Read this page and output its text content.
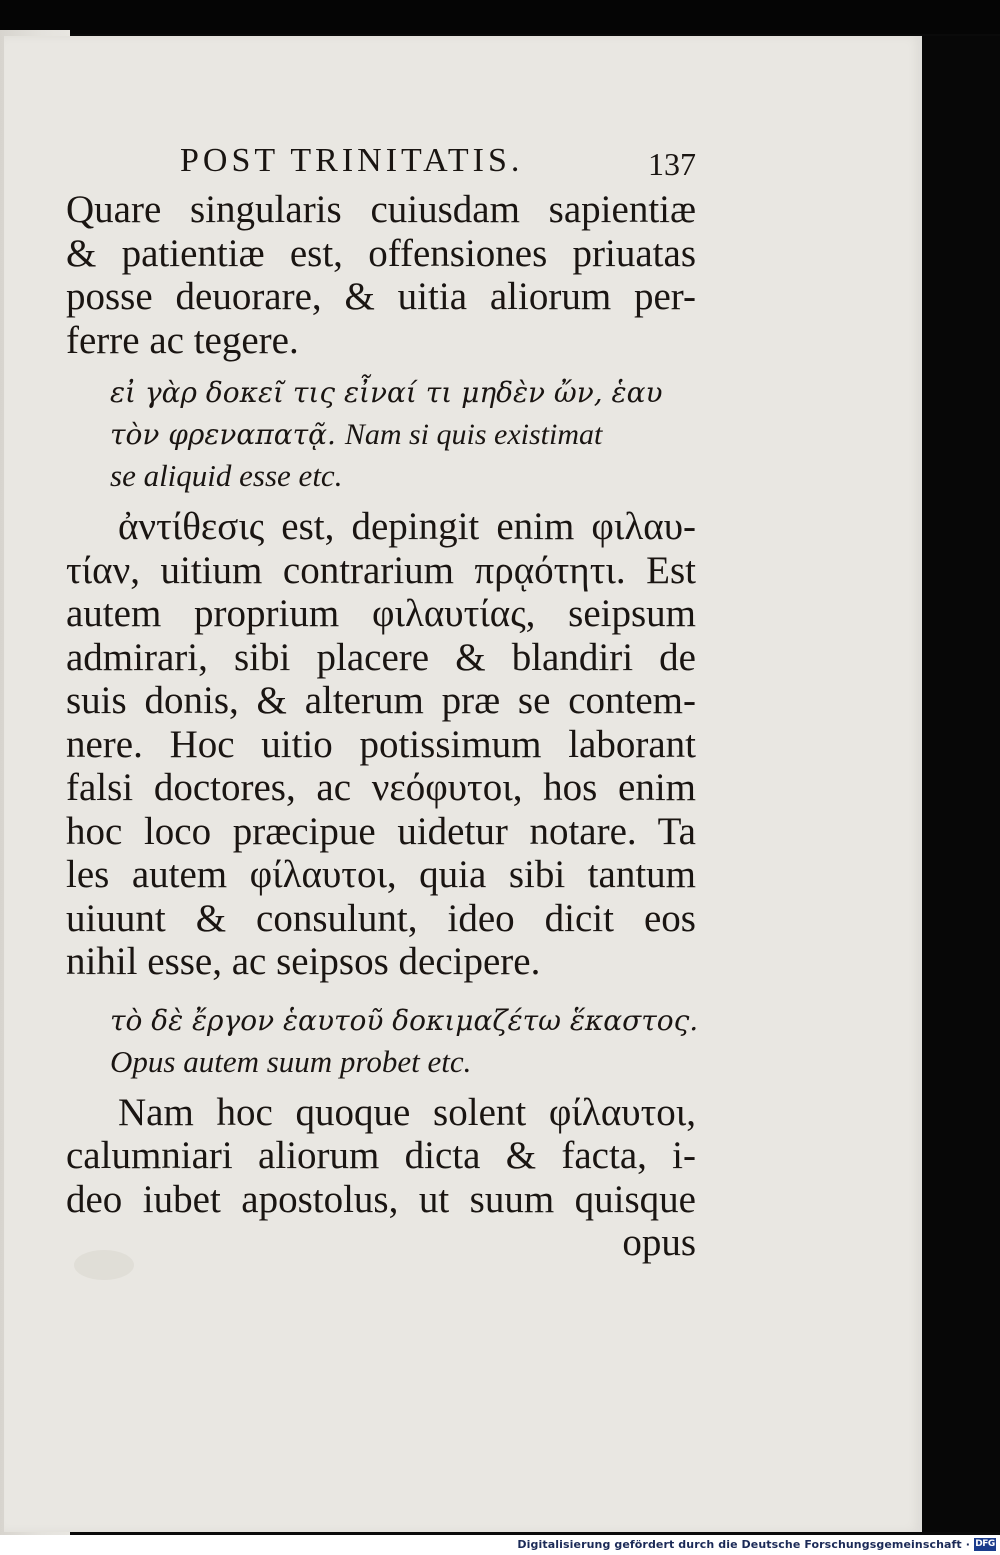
POST TRINITATIS.	137
Quare singularis cuiusdam sapientiæ
& patientiæ est, offensiones priuatas
posse deuorare, & uitia aliorum per-
ferre ac tegere.
εἰ γὰρ δοκεῖ τις εἶναί τι μηδὲν ὤν, ἑαυ
τὸν φρεναπατᾷ. Nam si quis existimat
se aliquid esse etc.
ἀντίθεσις est, depingit enim φιλαυ-
τίαν, uitium contrarium πρᾳότητι. Est
autem proprium φιλαυτίας, seipsum
admirari, sibi placere & blandiri de
suis donis, & alterum præ se contem-
nere. Hoc uitio potissimum laborant
falsi doctores, ac νεόφυτοι, hos enim
hoc loco præcipue uidetur notare. Ta
les autem φίλαυτοι, quia sibi tantum
uiuunt & consulunt, ideo dicit eos
nihil esse, ac seipsos decipere.
τὸ δὲ ἔργον ἑαυτοῦ δοκιμαζέτω ἕκαστος.
Opus autem suum probet etc.
Nam hoc quoque solent φίλαυτοι,
calumniari aliorum dicta & facta, i-
deo iubet apostolus, ut suum quisque
opus
Digitalisierung gefördert durch die Deutsche Forschungsgemeinschaft · DFG
